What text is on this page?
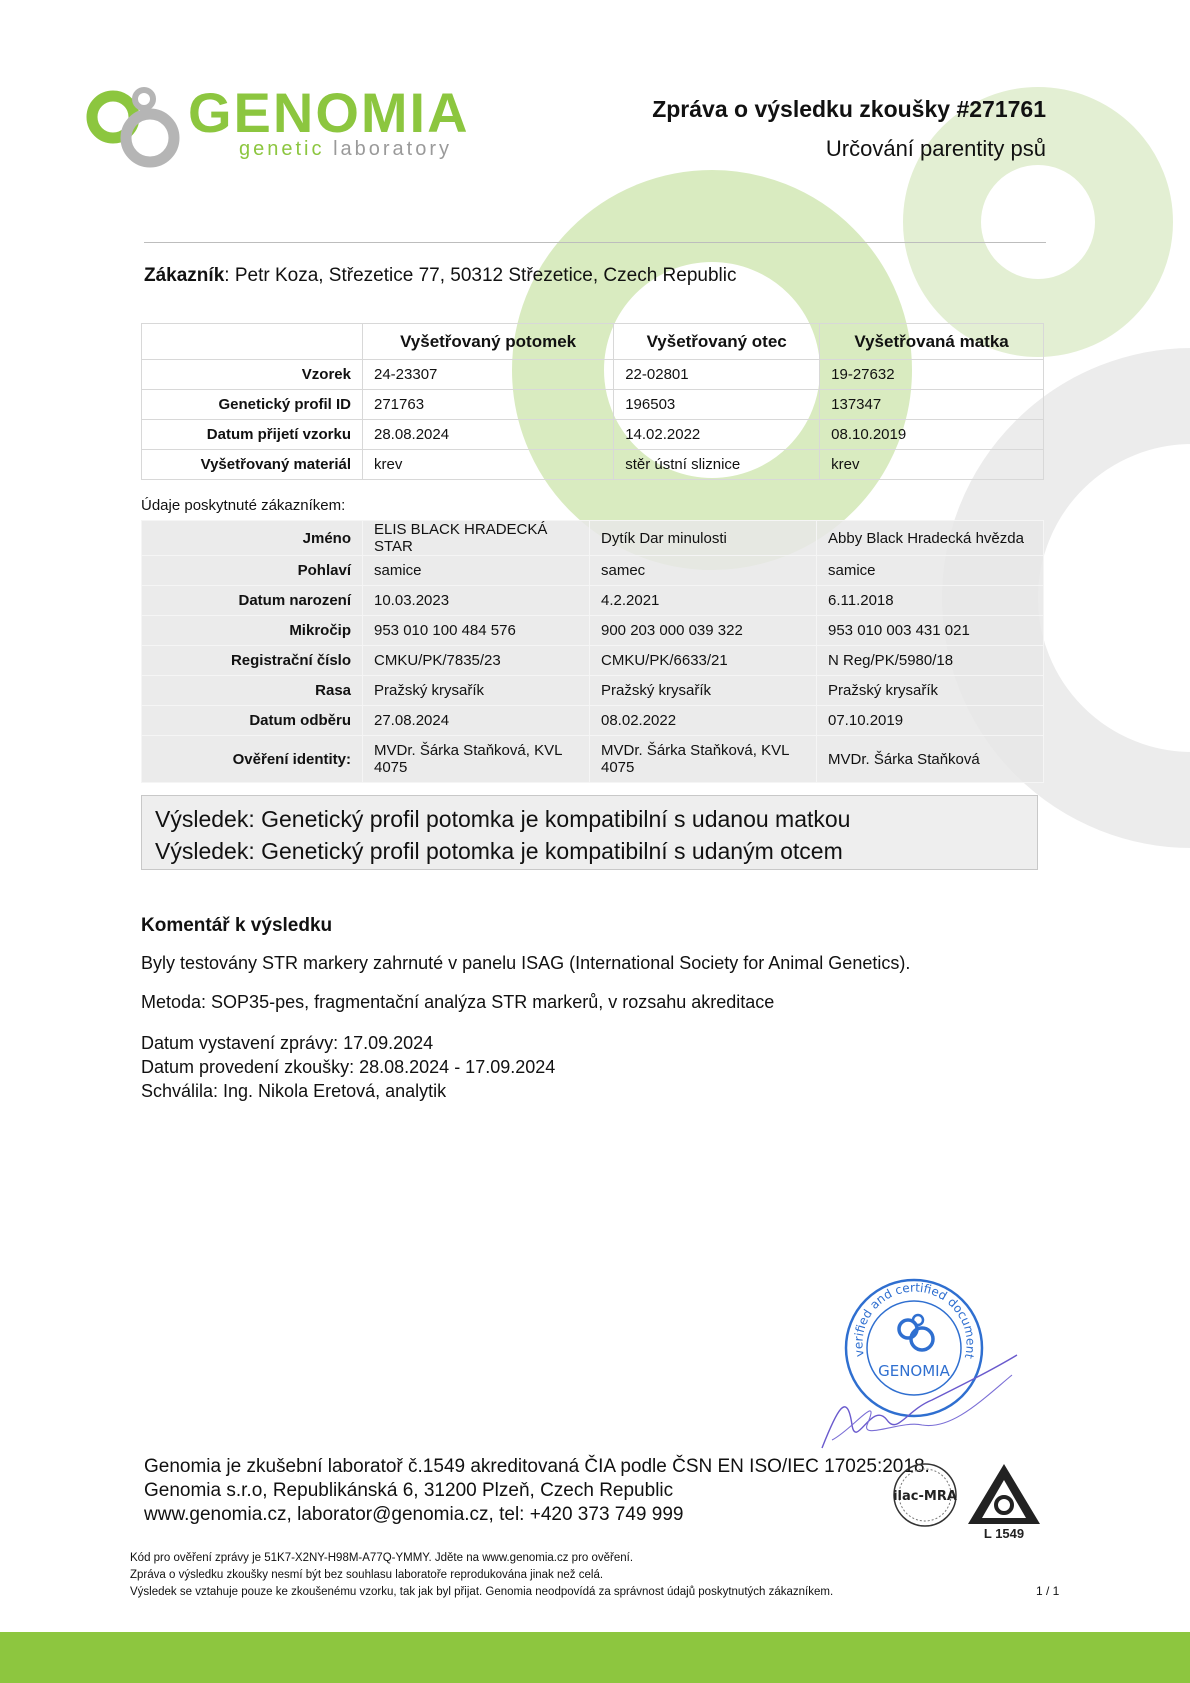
GENOMIA
genetic laboratory
Zpráva o výsledku zkoušky #271761
Určování parentity psů
Zákazník: Petr Koza, Střezetice 77, 50312 Střezetice, Czech Republic
	Vyšetřovaný potomek	Vyšetřovaný otec	Vyšetřovaná matka
Vzorek	24-23307	22-02801	19-27632
Genetický profil ID	271763	196503	137347
Datum přijetí vzorku	28.08.2024	14.02.2022	08.10.2019
Vyšetřovaný materiál	krev	stěr ústní sliznice	krev
Údaje poskytnuté zákazníkem:
Jméno	ELIS BLACK HRADECKÁ STAR	Dytík Dar minulosti	Abby Black Hradecká hvězda
Pohlaví	samice	samec	samice
Datum narození	10.03.2023	4.2.2021	6.11.2018
Mikročip	953 010 100 484 576	900 203 000 039 322	953 010 003 431 021
Registrační číslo	CMKU/PK/7835/23	CMKU/PK/6633/21	N Reg/PK/5980/18
Rasa	Pražský krysařík	Pražský krysařík	Pražský krysařík
Datum odběru	27.08.2024	08.02.2022	07.10.2019
Ověření identity:	MVDr. Šárka Staňková, KVL 4075	MVDr. Šárka Staňková, KVL 4075	MVDr. Šárka Staňková
Výsledek: Genetický profil potomka je kompatibilní s udanou matkou
Výsledek: Genetický profil potomka je kompatibilní s udaným otcem
Komentář k výsledku
Byly testovány STR markery zahrnuté v panelu ISAG (International Society for Animal Genetics).
Metoda: SOP35-pes, fragmentační analýza STR markerů, v rozsahu akreditace
Datum vystavení zprávy: 17.09.2024
Datum provedení zkoušky: 28.08.2024 - 17.09.2024
Schválila: Ing. Nikola Eretová, analytik
verified and certified document
GENOMIA
Genomia je zkušební laboratoř č.1549 akreditovaná ČIA podle ČSN EN ISO/IEC 17025:2018.
Genomia s.r.o, Republikánská 6, 31200 Plzeň, Czech Republic
www.genomia.cz, laborator@genomia.cz, tel: +420 373 749 999
ilac-MRA
L 1549
Kód pro ověření zprávy je 51K7-X2NY-H98M-A77Q-YMMY. Jděte na www.genomia.cz pro ověření.
Zpráva o výsledku zkoušky nesmí být bez souhlasu laboratoře reprodukována jinak než celá.
Výsledek se vztahuje pouze ke zkoušenému vzorku, tak jak byl přijat. Genomia neodpovídá za správnost údajů poskytnutých zákazníkem.	1 / 1
